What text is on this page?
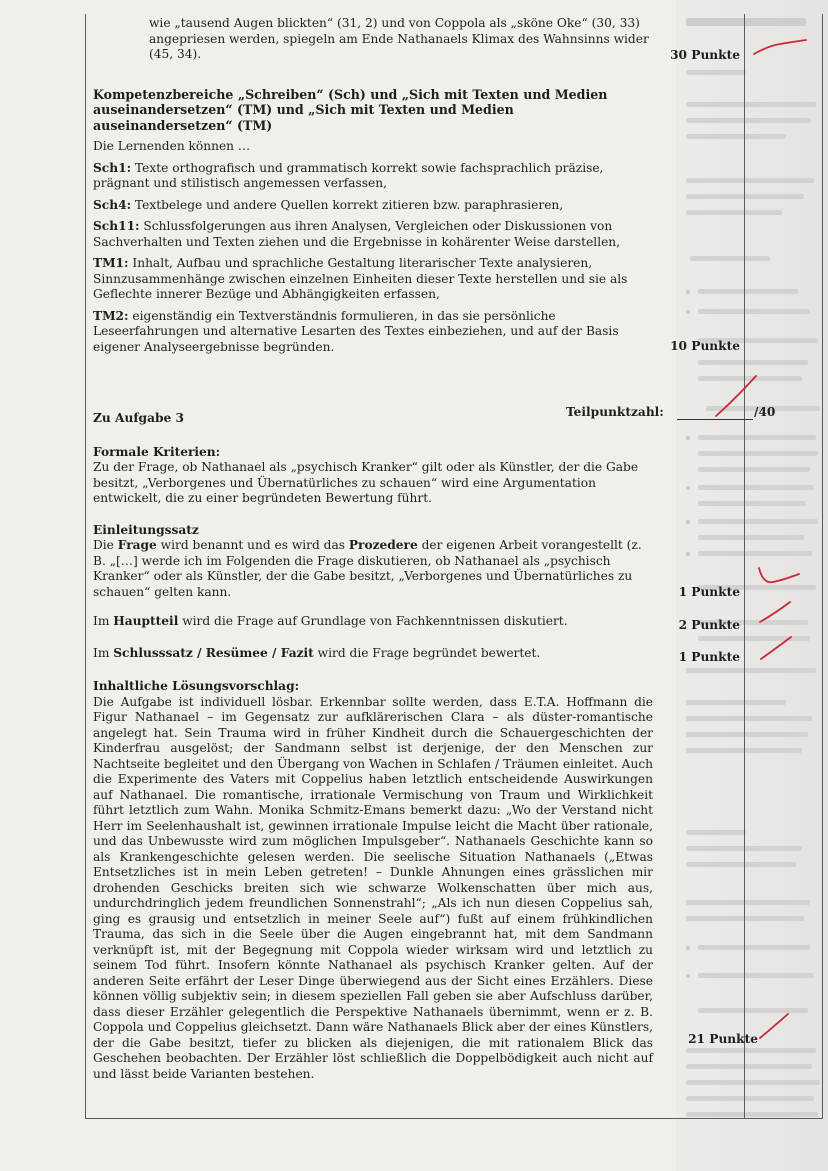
wie „tausend Augen blickten“ (31, 2) und von Coppola als „sköne Oke“ (30, 33) angepriesen werden, spiegeln am Ende Nathanaels Klimax des Wahnsinns wider (45, 34).

Kompetenzbereiche „Schreiben“ (Sch) und „Sich mit Texten und Medien auseinandersetzen“ (TM) und „Sich mit Texten und Medien auseinandersetzen“ (TM)

Die Lernenden können …

Sch1: Texte orthografisch und grammatisch korrekt sowie fachsprachlich präzise, prägnant und stilistisch angemessen verfassen,

Sch4: Textbelege und andere Quellen korrekt zitieren bzw. paraphrasieren,

Sch11: Schlussfolgerungen aus ihren Analysen, Vergleichen oder Diskussionen von Sachverhalten und Texten ziehen und die Ergebnisse in kohärenter Weise darstellen,

TM1: Inhalt, Aufbau und sprachliche Gestaltung literarischer Texte analysieren, Sinnzusammenhänge zwischen einzelnen Einheiten dieser Texte herstellen und sie als Geflechte innerer Bezüge und Abhängigkeiten erfassen,

TM2: eigenständig ein Textverständnis formulieren, in das sie persönliche Leseerfahrungen und alternative Lesarten des Textes einbeziehen, und auf der Basis eigener Analyseergebnisse begründen.

Zu Aufgabe 3

Formale Kriterien:

Zu der Frage, ob Nathanael als „psychisch Kranker“ gilt oder als Künstler, der die Gabe besitzt, „Verborgenes und Übernatürliches zu schauen“ wird eine Argumentation entwickelt, die zu einer begründeten Bewertung führt.

Einleitungssatz

Die Frage wird benannt und es wird das Prozedere der eigenen Arbeit vorangestellt (z. B. „[…] werde ich im Folgenden die Frage diskutieren, ob Nathanael als „psychisch Kranker“ oder als Künstler, der die Gabe besitzt, „Verborgenes und Übernatürliches zu schauen“ gelten kann.

Im Hauptteil wird die Frage auf Grundlage von Fachkenntnissen diskutiert.

Im Schlusssatz / Resümee / Fazit wird die Frage begründet bewertet.

Inhaltliche Lösungsvorschlag:

Die Aufgabe ist individuell lösbar. Erkennbar sollte werden, dass E.T.A. Hoffmann die Figur Nathanael – im Gegensatz zur aufklärerischen Clara – als düster-romantische angelegt hat. Sein Trauma wird in früher Kindheit durch die Schauergeschichten der Kinderfrau ausgelöst; der Sandmann selbst ist derjenige, der den Menschen zur Nachtseite begleitet und den Übergang von Wachen in Schlafen / Träumen einleitet. Auch die Experimente des Vaters mit Coppelius haben letztlich entscheidende Auswirkungen auf Nathanael. Die romantische, irrationale Vermischung von Traum und Wirklichkeit führt letztlich zum Wahn. Monika Schmitz-Emans bemerkt dazu: „Wo der Verstand nicht Herr im Seelenhaushalt ist, gewinnen irrationale Impulse leicht die Macht über rationale, und das Unbewusste wird zum möglichen Impulsgeber“. Nathanaels Geschichte kann so als Krankengeschichte gelesen werden. Die seelische Situation Nathanaels („Etwas Entsetzliches ist in mein Leben getreten! – Dunkle Ahnungen eines grässlichen mir drohenden Geschicks breiten sich wie schwarze Wolkenschatten über mich aus, undurchdringlich jedem freundlichen Sonnenstrahl“; „Als ich nun diesen Coppelius sah, ging es grausig und entsetzlich in meiner Seele auf“) fußt auf einem frühkindlichen Trauma, das sich in die Seele über die Augen eingebrannt hat, mit dem Sandmann verknüpft ist, mit der Begegnung mit Coppola wieder wirksam wird und letztlich zu seinem Tod führt. Insofern könnte Nathanael als psychisch Kranker gelten. Auf der anderen Seite erfährt der Leser Dinge überwiegend aus der Sicht eines Erzählers. Diese können völlig subjektiv sein; in diesem speziellen Fall geben sie aber Aufschluss darüber, dass dieser Erzähler gelegentlich die Perspektive Nathanaels übernimmt, wenn er z. B. Coppola und Coppelius gleichsetzt. Dann wäre Nathanaels Blick aber der eines Künstlers, der die Gabe besitzt, tiefer zu blicken als diejenigen, die mit rationalem Blick das Geschehen beobachten. Der Erzähler löst schließlich die Doppelbödigkeit auch nicht auf und lässt beide Varianten bestehen.

30 Punkte
10 Punkte
Teilpunktzahl:	/40
1 Punkte
2 Punkte
1 Punkte
21 Punkte
